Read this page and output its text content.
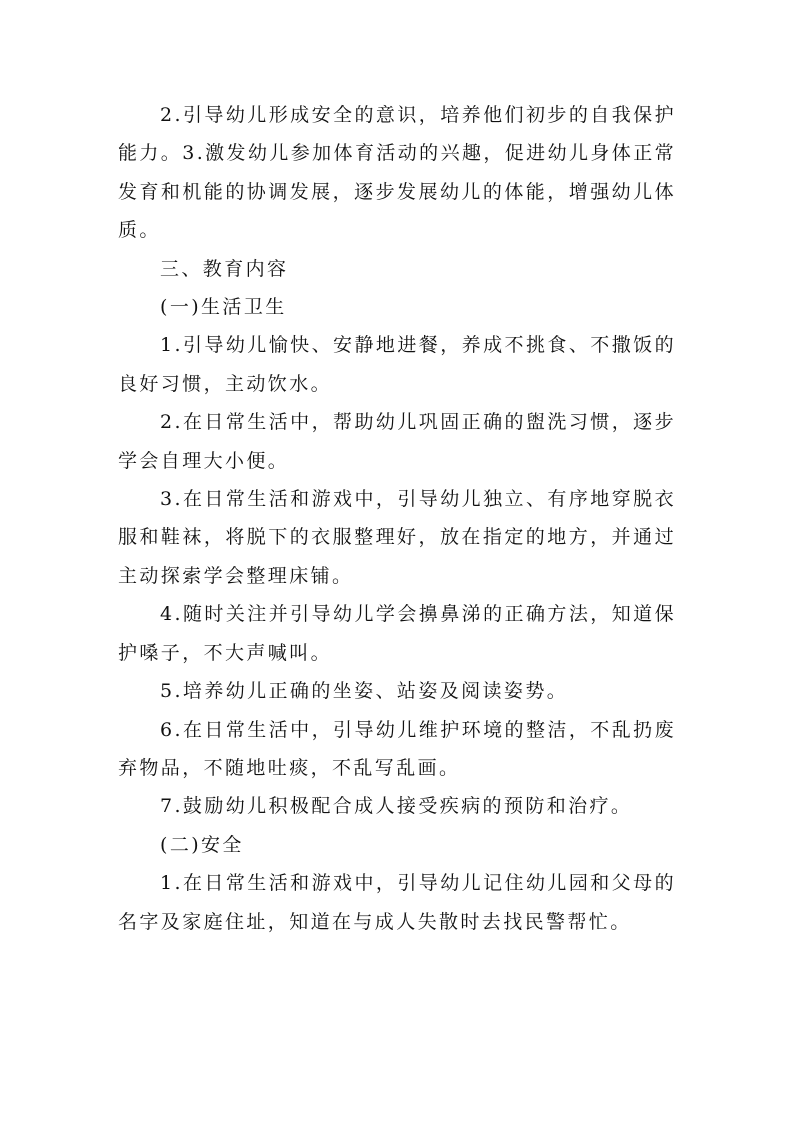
2.引导幼儿形成安全的意识，培养他们初步的自我保护能力。3.激发幼儿参加体育活动的兴趣，促进幼儿身体正常发育和机能的协调发展，逐步发展幼儿的体能，增强幼儿体质。

三、教育内容

(一)生活卫生

1.引导幼儿愉快、安静地进餐，养成不挑食、不撒饭的良好习惯，主动饮水。

2.在日常生活中，帮助幼儿巩固正确的盥洗习惯，逐步学会自理大小便。

3.在日常生活和游戏中，引导幼儿独立、有序地穿脱衣服和鞋袜，将脱下的衣服整理好，放在指定的地方，并通过主动探索学会整理床铺。

4.随时关注并引导幼儿学会擤鼻涕的正确方法，知道保护嗓子，不大声喊叫。

5.培养幼儿正确的坐姿、站姿及阅读姿势。

6.在日常生活中，引导幼儿维护环境的整洁，不乱扔废弃物品，不随地吐痰，不乱写乱画。

7.鼓励幼儿积极配合成人接受疾病的预防和治疗。

(二)安全

1.在日常生活和游戏中，引导幼儿记住幼儿园和父母的名字及家庭住址，知道在与成人失散时去找民警帮忙。
